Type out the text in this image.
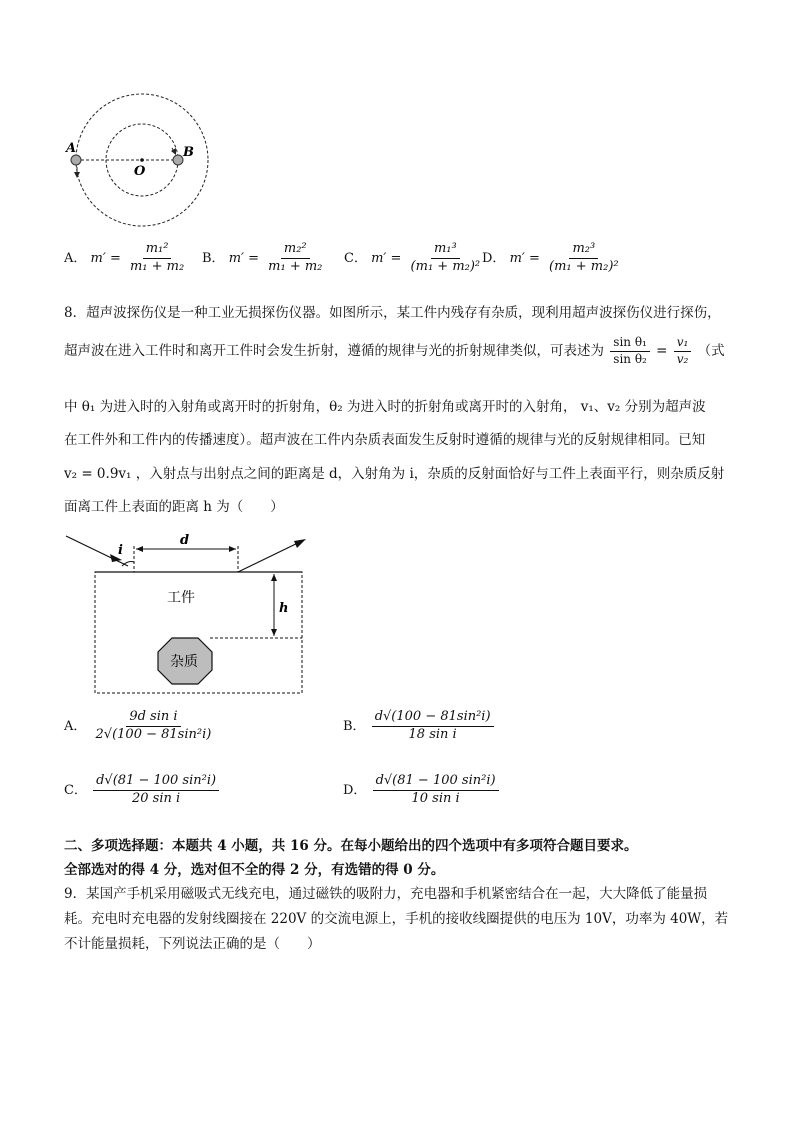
A	B
O
A． $m' = \frac{\text{m₁²}}{\text{m₁ + m₂}}$ B． $m' = \frac{\text{m₂²}}{\text{m₁ + m₂}}$ C． $m' = \frac{\text{m₁³}}{\text{(m₁ + m₂)²}}$
D． $m' = \frac{\text{m₂³}}{\text{(m₁ + m₂)²}}$
8．超声波探伤仪是一种工业无损探伤仪器。如图所示，某工件内残存有杂质，现利用超声波探伤仪进行探伤，
超声波在进入工件时和离开工件时会发生折射，遵循的规律与光的折射规律类似，可表述为 $\frac{\text{sin θ₁}}{\text{sin θ₂}} = \frac{\text{v₁}}{\text{v₂}}$ （式
中 θ₁ 为进入时的入射角或离开时的折射角，θ₂ 为进入时的折射角或离开时的入射角， v₁、v₂ 分别为超声波
在工件外和工件内的传播速度）。超声波在工件内杂质表面发生反射时遵循的规律与光的反射规律相同。已知
v₂ = 0.9v₁ ，入射点与出射点之间的距离是 d，入射角为 i，杂质的反射面恰好与工件上表面平行，则杂质反射
面离工件上表面的距离 h 为（　　）
i
d
工件
h
杂质
A． $\frac{\text{9d sin i}}{\text{2√(100 − 81sin²i)}}$	B． $\frac{\text{d√(100 − 81sin²i)}}{\text{18 sin i}}$
C． $\frac{\text{d√(81 − 100 sin²i)}}{\text{20 sin i}}$	D． $\frac{\text{d√(81 − 100 sin²i)}}{\text{10 sin i}}$
二、多项选择题：本题共 4 小题，共 16 分。在每小题给出的四个选项中有多项符合题目要求。
全部选对的得 4 分，选对但不全的得 2 分，有选错的得 0 分。
9．某国产手机采用磁吸式无线充电，通过磁铁的吸附力，充电器和手机紧密结合在一起，大大降低了能量损
耗。充电时充电器的发射线圈接在 220V 的交流电源上，手机的接收线圈提供的电压为 10V，功率为 40W，若
不计能量损耗，下列说法正确的是（　　）
